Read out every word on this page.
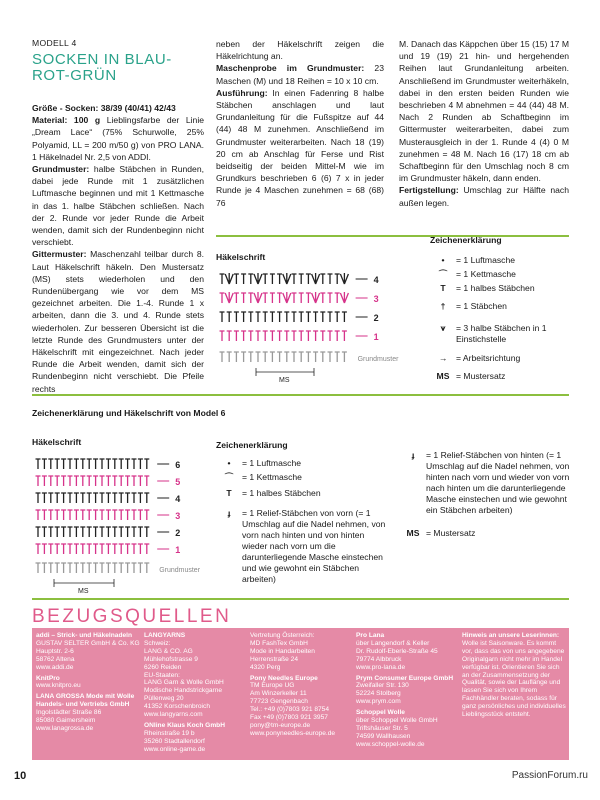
MODELL 4
SOCKEN IN BLAU-ROT-GRÜN

Größe - Socken: 38/39 (40/41) 42/43

Material: 100 g Lieblingsfarbe der Linie „Dream Lace“ (75% Schurwolle, 25% Polyamid, LL = 200 m/50 g) von PRO LANA. 1 Häkelnadel Nr. 2,5 von ADDI.

Grundmuster: halbe Stäbchen in Runden, dabei jede Runde mit 1 zusätzlichen Luftmasche beginnen und mit 1 Kettmasche in das 1. halbe Stäbchen schließen. Nach der 2. Runde vor jeder Runde die Arbeit wenden, damit sich der Rundenbeginn nicht verschiebt.

Gittermuster: Maschenzahl teilbar durch 8. Laut Häkelschrift häkeln. Den Mustersatz (MS) stets wiederholen und den Rundenübergang wie vor dem MS gezeichnet arbeiten. Die 1.-4. Runde 1 x arbeiten, dann die 3. und 4. Runde stets wiederholen. Zur besseren Übersicht ist die letzte Runde des Grundmusters unter der Häkelschrift mit eingezeichnet. Nach jeder Runde die Arbeit wenden, damit sich der Rundenbeginn nicht verschiebt. Die Pfeile rechts

neben der Häkelschrift zeigen die Häkelrichtung an.

Maschenprobe im Grundmuster: 23 Maschen (M) und 18 Reihen = 10 x 10 cm.

Ausführung: In einen Fadenring 8 halbe Stäbchen anschlagen und laut Grundanleitung für die Fußspitze auf 44 (44) 48 M zunehmen. Anschließend im Grundmuster weiterarbeiten. Nach 18 (19) 20 cm ab Anschlag für Ferse und Rist beidseitig der beiden Mittel-M wie im Grundkurs beschrieben 6 (6) 7 x in jeder Runde je 4 Maschen zunehmen = 68 (68) 76

M. Danach das Käppchen über 15 (15) 17 M und 19 (19) 21 hin- und hergehenden Reihen laut Grundanleitung arbeiten. Anschließend im Grundmuster weiterhäkeln, dabei in den ersten beiden Runden wie beschrieben 4 M abnehmen = 44 (44) 48 M. Nach 2 Runden ab Schaftbeginn im Gittermuster weiterarbeiten, dabei zum Musterausgleich in der 1. Runde 4 (4) 0 M zunehmen = 48 M. Nach 16 (17) 18 cm ab Schaftbeginn für den Umschlag noch 8 cm im Grundmuster häkeln, dann enden.

Fertigstellung: Umschlag zur Hälfte nach außen legen.

Häkelschrift
4
3
2
1
Grundmuster
MS
Zeichenerklärung
•	= 1 Luftmasche
⌒	= 1 Kettmasche
T	= 1 halbes Stäbchen
†	= 1 Stäbchen
⩛	= 3 halbe Stäbchen in 1 Einstichstelle
→	= Arbeitsrichtung
MS = Mustersatz
Zeichenerklärung und Häkelschrift von Model 6
Häkelschrift
6
5
4
3
2
1
Grundmuster
MS
Zeichenerklärung
•	= 1 Luftmasche
⌒	= 1 Kettmasche
T	= 1 halbes Stäbchen
ɟ	= 1 Relief-Stäbchen von vorn (= 1 Umschlag auf die Nadel nehmen, von vorn nach hinten und von hinten wieder nach vorn um die darunterliegende Masche einstechen und wie gewohnt ein Stäbchen arbeiten)
ɟ	= 1 Relief-Stäbchen von hinten (= 1 Umschlag auf die Nadel nehmen, von hinten nach vorn und wieder von vorn nach hinten um die darunterliegende Masche einstechen und wie gewohnt ein Stäbchen arbeiten)
MS = Mustersatz
BEZUGSQUELLEN
addi – Strick- und Häkelnadeln
GUSTAV SELTER GmbH & Co. KG
Hauptstr. 2-6
58762 Altena
www.addi.de
KnitPro
www.knitpro.eu
LANA GROSSA Mode mit Wolle Handels- und Vertriebs GmbH
Ingolstädter Straße 86
85080 Gaimersheim
www.lanagrossa.de
LANGYARNS
Schweiz:
LANG & CO. AG
Mühlehofstrasse 9
6260 Reiden
EU-Staaten:
LANG Garn & Wolle GmbH
Modische Handstrickgarne
Püllenweg 20
41352 Korschenbroich
www.langyarns.com
ONline Klaus Koch GmbH
Rheinstraße 19 b
35260 Stadtallendorf
www.online-game.de
Vertretung Österreich:
MD FashTex GmbH
Mode in Handarbeiten
Herrenstraße 24
4320 Perg
Pony Needles Europe
TM Europe UG
Am Winzerkeller 11
77723 Gengenbach
Tel.: +49 (0)7803 921 8754
Fax +49 (0)7803 921 3957
pony@tm-europe.de
www.ponyneedles-europe.de
Pro Lana
über Langendorf & Keller
Dr. Rudolf-Eberle-Straße 45
79774 Albbruck
www.pro-lana.de
Prym Consumer Europe GmbH
Zweifaller Str. 130
52224 Stolberg
www.prym.com
Schoppel Wolle
über Schoppel Wolle GmbH
Triftshäuser Str. 5
74599 Wallhausen
www.schoppel-wolle.de
Hinweis an unsere Leserinnen:
Wolle ist Saisonware. Es kommt vor, dass das von uns angegebene Originalgarn nicht mehr im Handel verfügbar ist. Orientieren Sie sich an der Zusammensetzung der Qualität, sowie der Lauflänge und lassen Sie sich von Ihrem Fachhändler beraten, sodass für ganz persönliches und individuelles Lieblingsstück entsteht.
10	PassionForum.ru
